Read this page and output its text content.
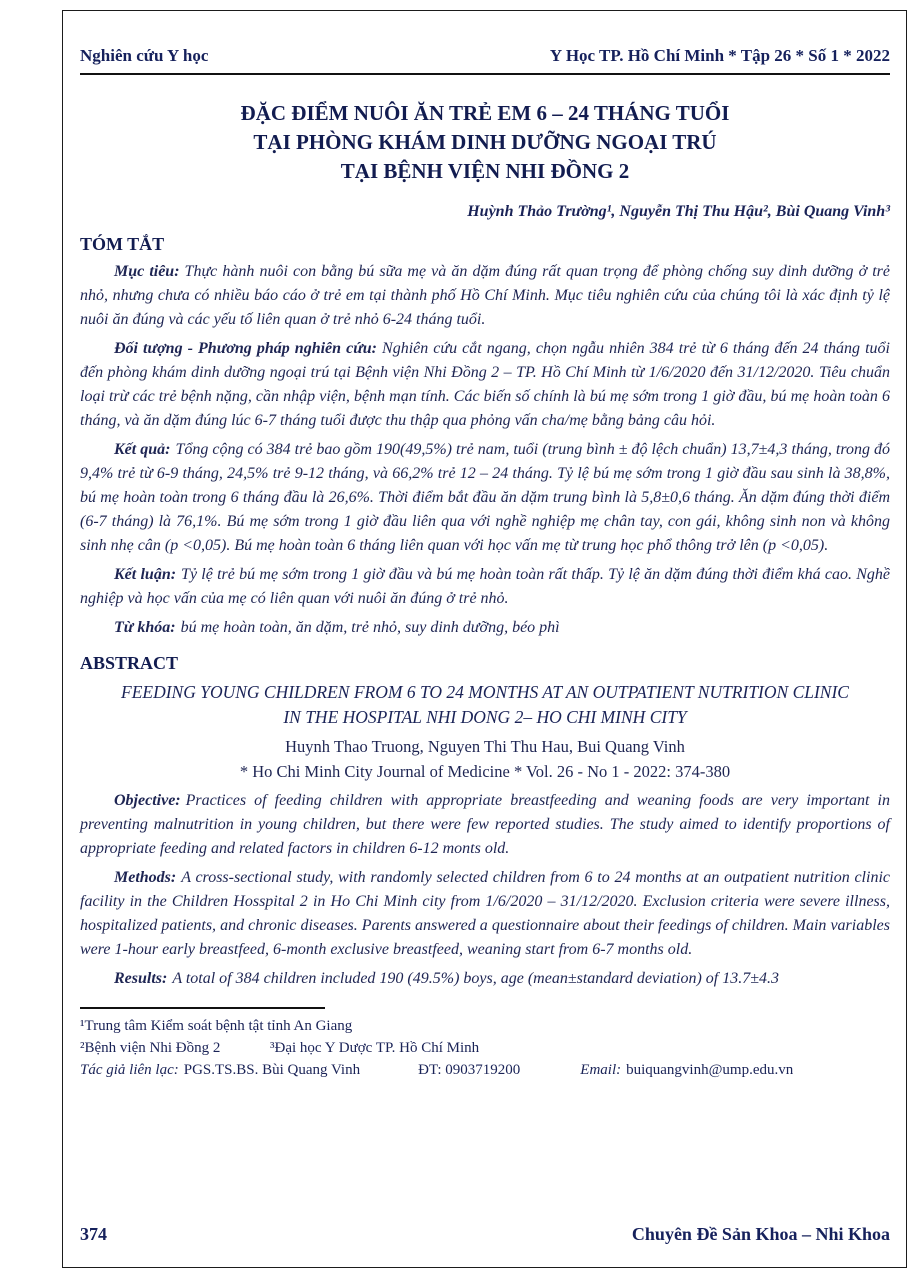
Nghiên cứu Y học	Y Học TP. Hồ Chí Minh * Tập 26 * Số 1 * 2022
ĐẶC ĐIỂM NUÔI ĂN TRẺ EM 6 – 24 THÁNG TUỔI
TẠI PHÒNG KHÁM DINH DƯỠNG NGOẠI TRÚ
TẠI BỆNH VIỆN NHI ĐỒNG 2
Huỳnh Thảo Trường¹, Nguyễn Thị Thu Hậu², Bùi Quang Vinh³
TÓM TẮT

Mục tiêu: Thực hành nuôi con bằng bú sữa mẹ và ăn dặm đúng rất quan trọng để phòng chống suy dinh dưỡng ở trẻ nhỏ, nhưng chưa có nhiều báo cáo ở trẻ em tại thành phố Hồ Chí Minh. Mục tiêu nghiên cứu của chúng tôi là xác định tỷ lệ nuôi ăn đúng và các yếu tố liên quan ở trẻ nhỏ 6-24 tháng tuổi.

Đối tượng - Phương pháp nghiên cứu: Nghiên cứu cắt ngang, chọn ngẫu nhiên 384 trẻ từ 6 tháng đến 24 tháng tuổi đến phòng khám dinh dưỡng ngoại trú tại Bệnh viện Nhi Đồng 2 – TP. Hồ Chí Minh từ 1/6/2020 đến 31/12/2020. Tiêu chuẩn loại trừ các trẻ bệnh nặng, cần nhập viện, bệnh mạn tính. Các biến số chính là bú mẹ sớm trong 1 giờ đầu, bú mẹ hoàn toàn 6 tháng, và ăn dặm đúng lúc 6-7 tháng tuổi được thu thập qua phỏng vấn cha/mẹ bằng bảng câu hỏi.

Kết quả: Tổng cộng có 384 trẻ bao gồm 190(49,5%) trẻ nam, tuổi (trung bình ± độ lệch chuẩn) 13,7±4,3 tháng, trong đó 9,4% trẻ từ 6-9 tháng, 24,5% trẻ 9-12 tháng, và 66,2% trẻ 12 – 24 tháng. Tỷ lệ bú mẹ sớm trong 1 giờ đầu sau sinh là 38,8%, bú mẹ hoàn toàn trong 6 tháng đầu là 26,6%. Thời điểm bắt đầu ăn dặm trung bình là 5,8±0,6 tháng. Ăn dặm đúng thời điểm (6-7 tháng) là 76,1%. Bú mẹ sớm trong 1 giờ đầu liên qua với nghề nghiệp mẹ chân tay, con gái, không sinh non và không sinh nhẹ cân (p <0,05). Bú mẹ hoàn toàn 6 tháng liên quan với học vấn mẹ từ trung học phổ thông trở lên (p <0,05).

Kết luận: Tỷ lệ trẻ bú mẹ sớm trong 1 giờ đầu và bú mẹ hoàn toàn rất thấp. Tỷ lệ ăn dặm đúng thời điểm khá cao. Nghề nghiệp và học vấn của mẹ có liên quan với nuôi ăn đúng ở trẻ nhỏ.

Từ khóa: bú mẹ hoàn toàn, ăn dặm, trẻ nhỏ, suy dinh dưỡng, béo phì

ABSTRACT
FEEDING YOUNG CHILDREN FROM 6 TO 24 MONTHS AT AN OUTPATIENT NUTRITION CLINIC
IN THE HOSPITAL NHI DONG 2– HO CHI MINH CITY
Huynh Thao Truong, Nguyen Thi Thu Hau, Bui Quang Vinh
* Ho Chi Minh City Journal of Medicine * Vol. 26 - No 1 - 2022: 374-380

Objective: Practices of feeding children with appropriate breastfeeding and weaning foods are very important in preventing malnutrition in young children, but there were few reported studies. The study aimed to identify proportions of appropriate feeding and related factors in children 6-12 monts old.

Methods: A cross-sectional study, with randomly selected children from 6 to 24 months at an outpatient nutrition clinic facility in the Children Hosspital 2 in Ho Chi Minh city from 1/6/2020 – 31/12/2020. Exclusion criteria were severe illness, hospitalized patients, and chronic diseases. Parents answered a questionnaire about their feedings of children. Main variables were 1-hour early breastfeed, 6-month exclusive breastfeed, weaning start from 6-7 months old.

Results: A total of 384 children included 190 (49.5%) boys, age (mean±standard deviation) of 13.7±4.3

¹Trung tâm Kiểm soát bệnh tật tỉnh An Giang
²Bệnh viện Nhi Đồng 2	³Đại học Y Dược TP. Hồ Chí Minh
Tác giả liên lạc: PGS.TS.BS. Bùi Quang Vinh	ĐT: 0903719200	Email: buiquangvinh@ump.edu.vn
374	Chuyên Đề Sản Khoa – Nhi Khoa
